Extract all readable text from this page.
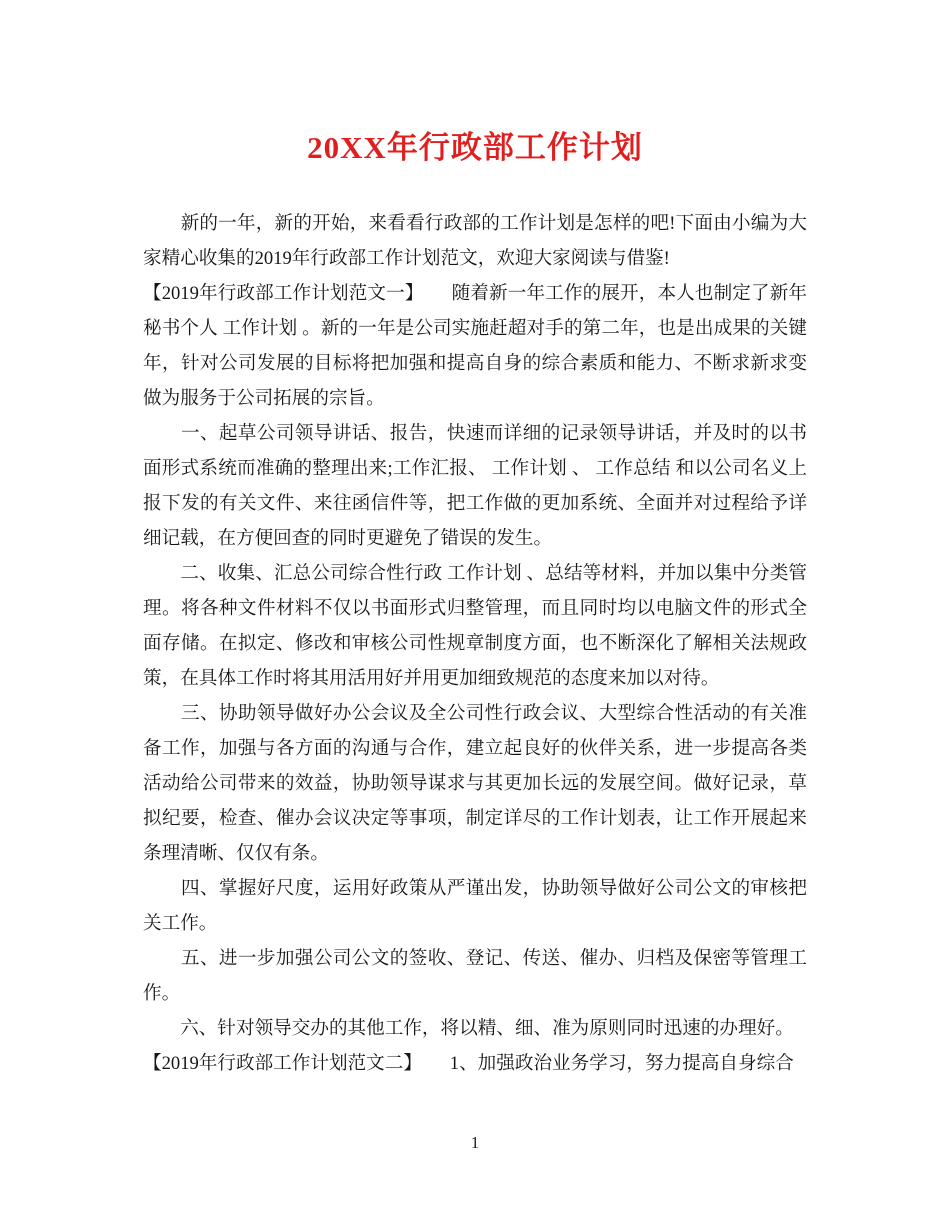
20XX年行政部工作计划

　　新的一年，新的开始，来看看行政部的工作计划是怎样的吧!下面由小编为大家精心收集的2019年行政部工作计划范文，欢迎大家阅读与借鉴!

【2019年行政部工作计划范文一】　　随着新一年工作的展开，本人也制定了新年秘书个人 工作计划 。新的一年是公司实施赶超对手的第二年，也是出成果的关键年，针对公司发展的目标将把加强和提高自身的综合素质和能力、不断求新求变做为服务于公司拓展的宗旨。

　　一、起草公司领导讲话、报告，快速而详细的记录领导讲话，并及时的以书面形式系统而准确的整理出来;工作汇报、 工作计划 、 工作总结 和以公司名义上报下发的有关文件、来往函信件等，把工作做的更加系统、全面并对过程给予详细记载，在方便回查的同时更避免了错误的发生。

　　二、收集、汇总公司综合性行政 工作计划 、总结等材料，并加以集中分类管理。将各种文件材料不仅以书面形式归整管理，而且同时均以电脑文件的形式全面存储。在拟定、修改和审核公司性规章制度方面，也不断深化了解相关法规政策，在具体工作时将其用活用好并用更加细致规范的态度来加以对待。

　　三、协助领导做好办公会议及全公司性行政会议、大型综合性活动的有关准备工作，加强与各方面的沟通与合作，建立起良好的伙伴关系，进一步提高各类活动给公司带来的效益，协助领导谋求与其更加长远的发展空间。做好记录，草拟纪要，检查、催办会议决定等事项，制定详尽的工作计划表，让工作开展起来条理清晰、仅仅有条。

　　四、掌握好尺度，运用好政策从严谨出发，协助领导做好公司公文的审核把关工作。

　　五、进一步加强公司公文的签收、登记、传送、催办、归档及保密等管理工作。

　　六、针对领导交办的其他工作，将以精、细、准为原则同时迅速的办理好。

【2019年行政部工作计划范文二】　　1、加强政治业务学习，努力提高自身综合

1
